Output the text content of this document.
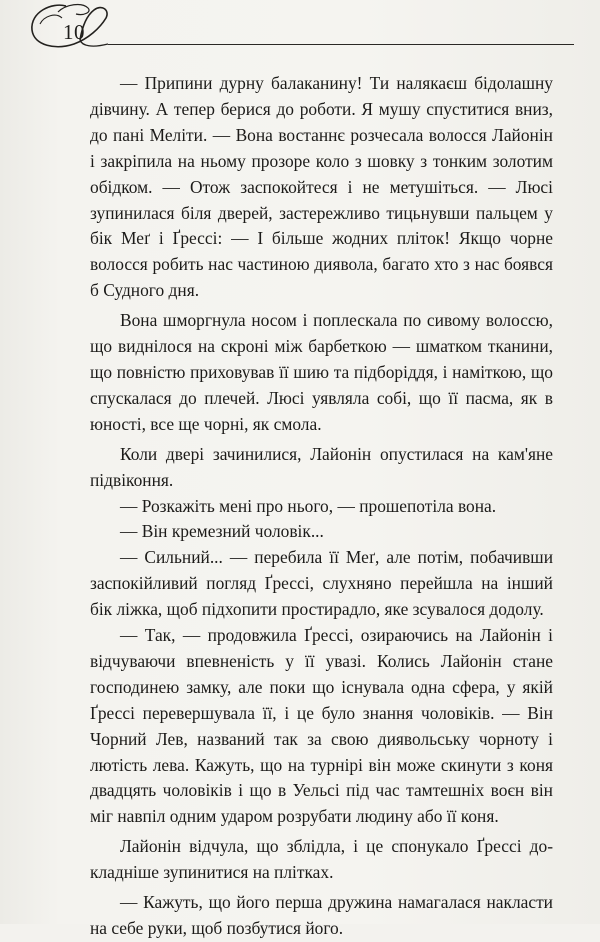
10

— Припини дурну балаканину! Ти налякаєш бідолашну дівчину. А тепер берися до роботи. Я мушу спуститися вниз, до пані Меліти. — Вона востаннє розчесала волосся Лайонін і закріпила на ньому прозоре коло з шовку з тонким золотим обідком. — Отож заспокойтеся і не метушіться. — Люсі зупинилася біля дверей, застережливо тицьнувши пальцем у бік Меґ і Ґрессі: — І більше жодних пліток! Якщо чорне волосся робить нас частиною диявола, багато хто з нас боявся б Судного дня.

Вона шморгнула носом і поплескала по сивому волоссю, що виднілося на скроні між барбеткою — шматком тканини, що повністю приховував її шию та підборіддя, і наміткою, що спускалася до плечей. Люсі уявляла собі, що її пасма, як в юності, все ще чорні, як смола.

Коли двері зачинилися, Лайонін опустилася на кам'яне підвіконня.

— Розкажіть мені про нього, — прошепотіла вона.

— Він кремезний чоловік...

— Сильний... — перебила її Меґ, але потім, побачивши заспокійливий погляд Ґрессі, слухняно перейшла на інший бік ліжка, щоб підхопити простирадло, яке зсувалося додолу.

— Так, — продовжила Ґрессі, озираючись на Лайонін і відчуваючи впевненість у її увазі. Колись Лайонін стане господинею замку, але поки що існувала одна сфера, у якій Ґрессі перевершувала її, і це було знання чоловіків. — Він Чорний Лев, названий так за свою диявольську чорноту і лютість лева. Кажуть, що на турнірі він може скинути з коня двадцять чоловіків і що в Уельсі під час тамтешніх воєн він міг навпіл одним ударом розрубати людину або її коня.

Лайонін відчула, що зблідла, і це спонукало Ґрессі докладніше зупинитися на плітках.

— Кажуть, що його перша дружина намагалася накласти на себе руки, щоб позбутися його.
